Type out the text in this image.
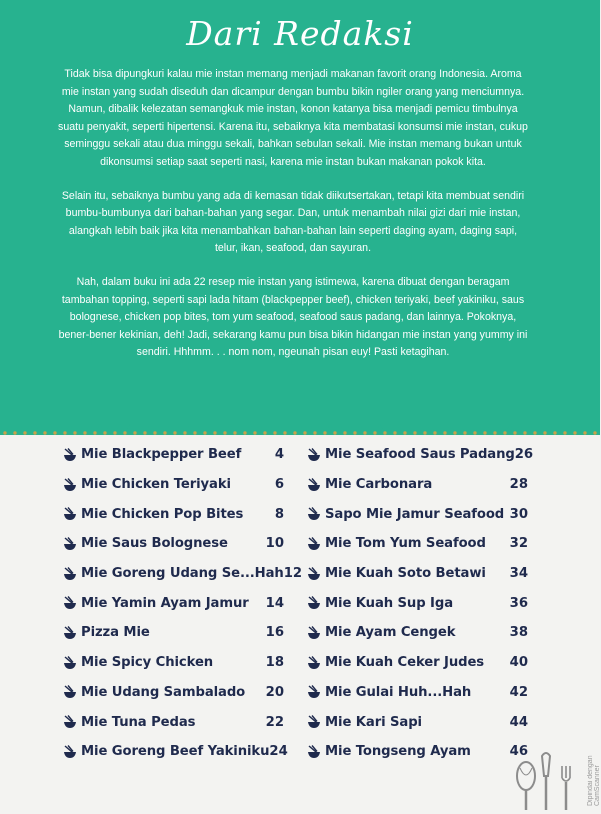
Dari Redaksi

Tidak bisa dipungkuri kalau mie instan memang menjadi makanan favorit orang Indonesia. Aroma mie instan yang sudah diseduh dan dicampur dengan bumbu bikin ngiler orang yang menciumnya. Namun, dibalik kelezatan semangkuk mie instan, konon katanya bisa menjadi pemicu timbulnya suatu penyakit, seperti hipertensi. Karena itu, sebaiknya kita membatasi konsumsi mie instan, cukup seminggu sekali atau dua minggu sekali, bahkan sebulan sekali. Mie instan memang bukan untuk dikonsumsi setiap saat seperti nasi, karena mie instan bukan makanan pokok kita.

Selain itu, sebaiknya bumbu yang ada di kemasan tidak diikutsertakan, tetapi kita membuat sendiri bumbu-bumbunya dari bahan-bahan yang segar. Dan, untuk menambah nilai gizi dari mie instan, alangkah lebih baik jika kita menambahkan bahan-bahan lain seperti daging ayam, daging sapi, telur, ikan, seafood, dan sayuran.

Nah, dalam buku ini ada 22 resep mie instan yang istimewa, karena dibuat dengan beragam tambahan topping, seperti sapi lada hitam (blackpepper beef), chicken teriyaki, beef yakiniku, saus bolognese, chicken pop bites, tom yum seafood, seafood saus padang, dan lainnya. Pokoknya, bener-bener kekinian, deh! Jadi, sekarang kamu pun bisa bikin hidangan mie instan yang yummy ini sendiri. Hhhmm. . . nom nom, ngeunah pisan euy! Pasti ketagihan.

Mie Blackpepper Beef	4
Mie Chicken Teriyaki	6
Mie Chicken Pop Bites	8
Mie Saus Bolognese	10
Mie Goreng Udang Se...Hah 12
Mie Yamin Ayam Jamur	14
Pizza Mie	16
Mie Spicy Chicken	18
Mie Udang Sambalado	20
Mie Tuna Pedas	22
Mie Goreng Beef Yakiniku 24
Mie Seafood Saus Padang 26
Mie Carbonara	28
Sapo Mie Jamur Seafood 30
Mie Tom Yum Seafood	32
Mie Kuah Soto Betawi	34
Mie Kuah Sup Iga	36
Mie Ayam Cengek	38
Mie Kuah Ceker Judes	40
Mie Gulai Huh...Hah	42
Mie Kari Sapi	44
Mie Tongseng Ayam	46
Dipindai dengan CamScanner
